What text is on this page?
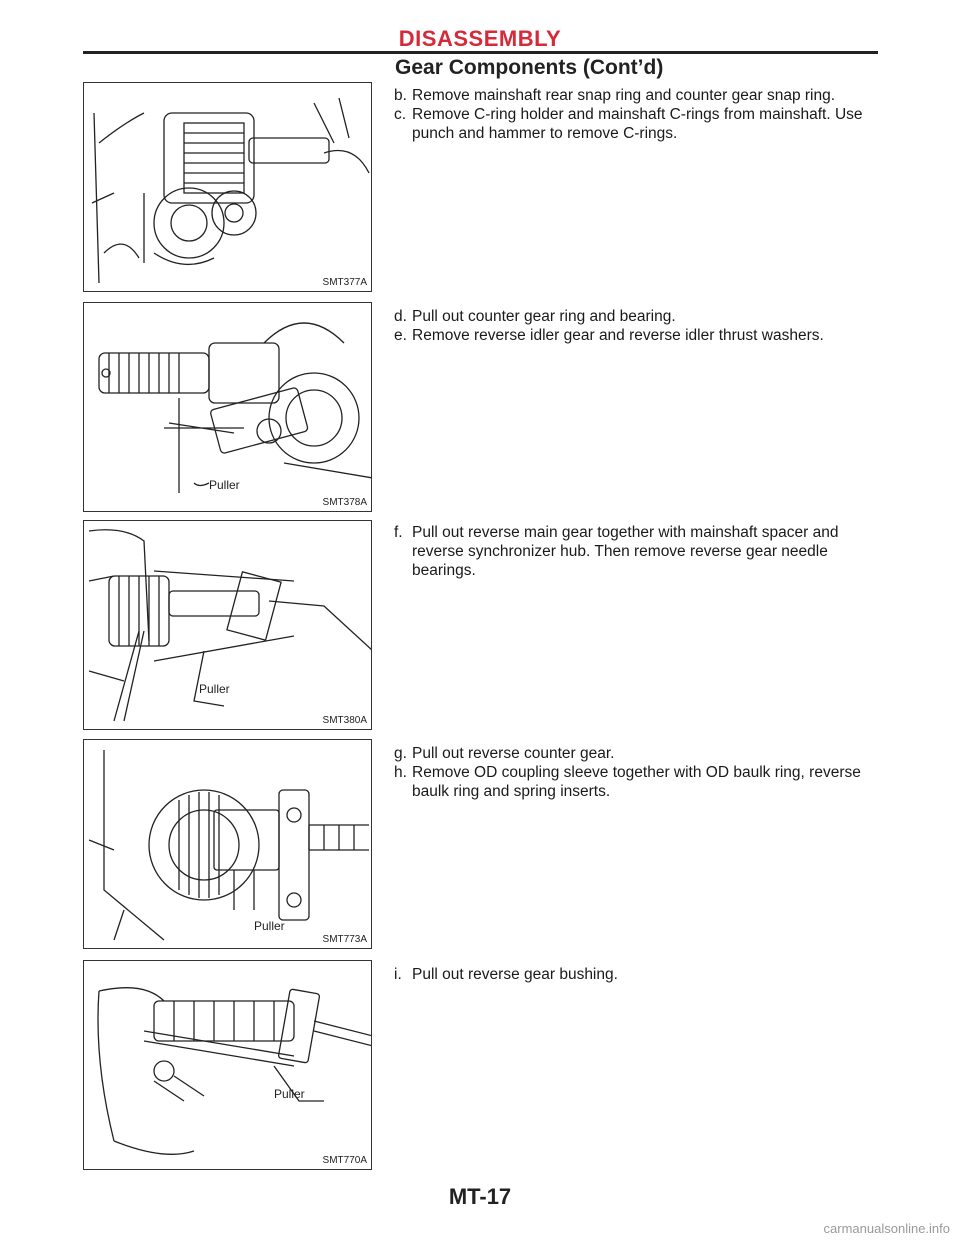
DISASSEMBLY
Gear Components (Cont’d)
SMT377A
b. Remove mainshaft rear snap ring and counter gear snap ring.
c. Remove C-ring holder and mainshaft C-rings from mainshaft. Use punch and hammer to remove C-rings.
Puller
SMT378A
d. Pull out counter gear ring and bearing.
e. Remove reverse idler gear and reverse idler thrust washers.
Puller
SMT380A
f. Pull out reverse main gear together with mainshaft spacer and reverse synchronizer hub. Then remove reverse gear needle bearings.
Puller
SMT773A
g. Pull out reverse counter gear.
h. Remove OD coupling sleeve together with OD baulk ring, reverse baulk ring and spring inserts.
Puller
SMT770A
i. Pull out reverse gear bushing.
MT-17
carmanualsonline.info
